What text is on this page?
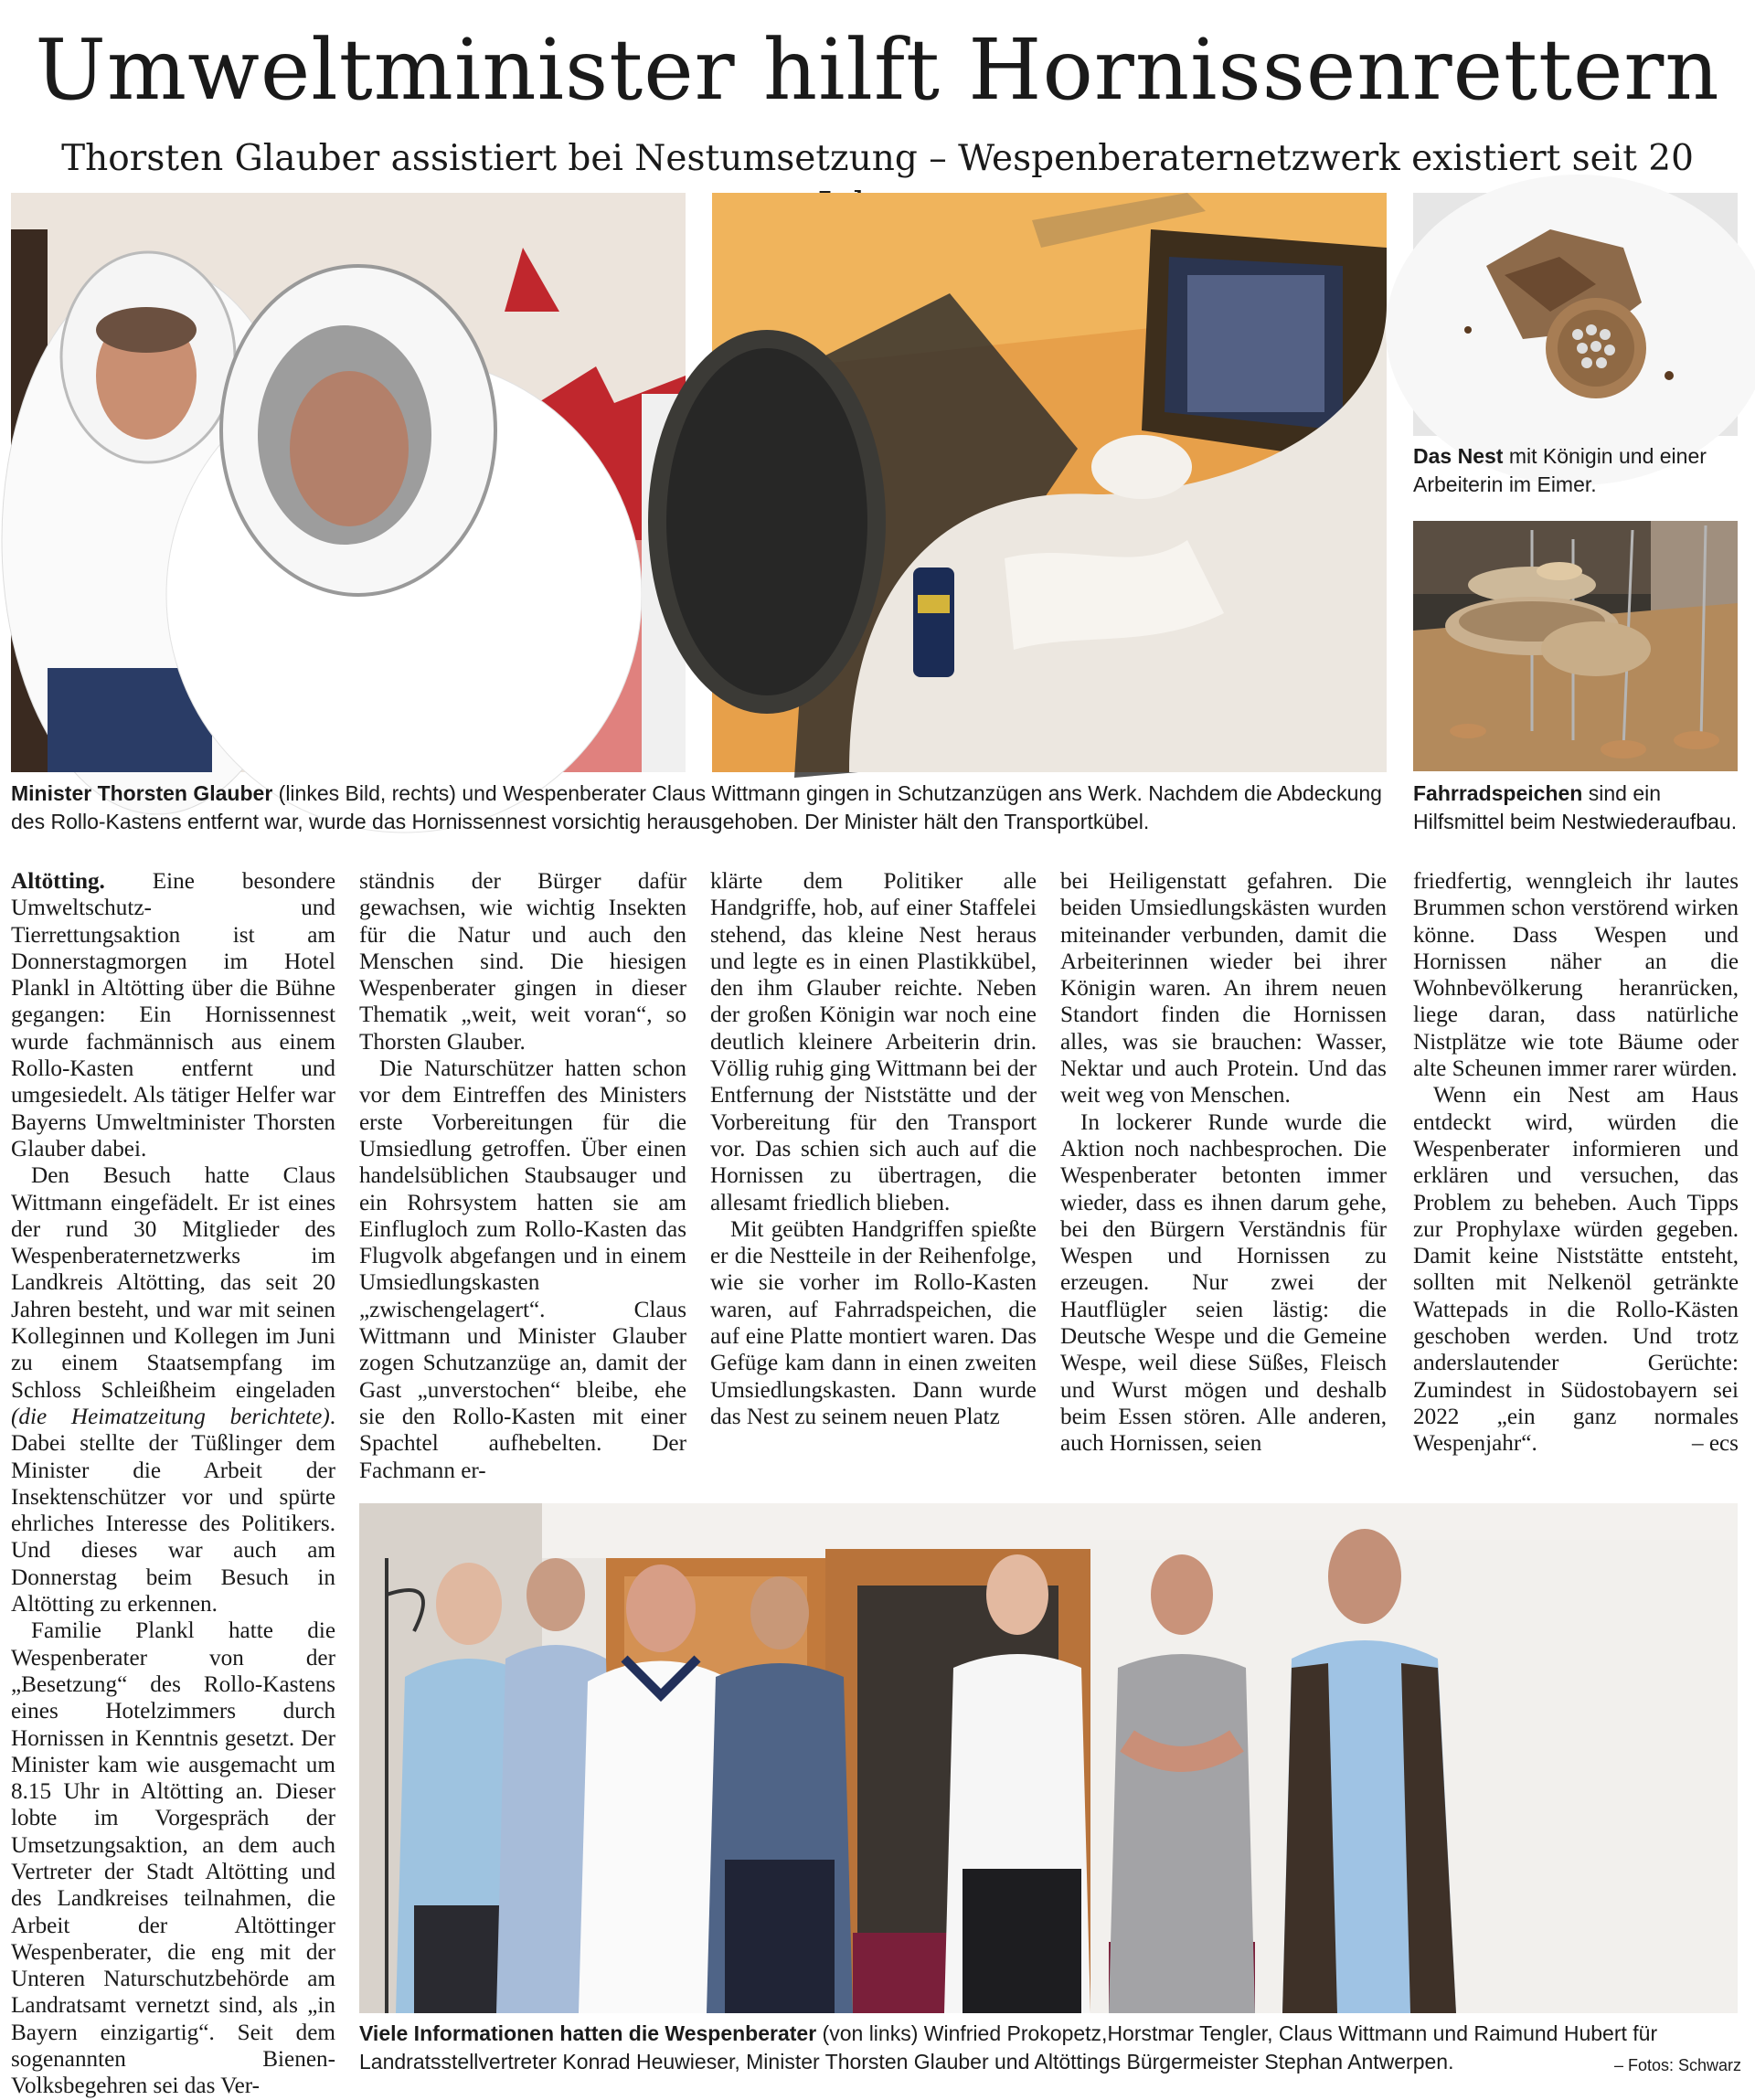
Umweltminister hilft Hornissenrettern
Thorsten Glauber assistiert bei Nestumsetzung – Wespenberaternetzwerk existiert seit 20

Das Nest mit Königin und einer Arbeiterin im Eimer.

Minister Thorsten Glauber (linkes Bild, rechts) und Wespenberater Claus Wittmann gingen in Schutzanzügen ans Werk. Nachdem die Abdeckung des Rollo-Kastens entfernt war, wurde das Hornissennest vorsichtig herausgehoben. Der Minister hält den Transportkübel.

Fahrradspeichen sind ein Hilfsmittel beim Nestwiederaufbau.

Altötting. Eine besondere Umweltschutz- und Tierrettungsaktion ist am Donnerstagmorgen im Hotel Plankl in Altötting über die Bühne gegangen: Ein Hornissennest wurde fachmännisch aus einem Rollo-Kasten entfernt und umgesiedelt. Als tätiger Helfer war Bayerns Umweltminister Thorsten Glauber dabei.

Den Besuch hatte Claus Wittmann eingefädelt. Er ist eines der rund 30 Mitglieder des Wespenberaternetzwerks im Landkreis Altötting, das seit 20 Jahren besteht, und war mit seinen Kolleginnen und Kollegen im Juni zu einem Staatsempfang im Schloss Schleißheim eingeladen (die Heimatzeitung berichtete). Dabei stellte der Tüßlinger dem Minister die Arbeit der Insektenschützer vor und spürte ehrliches Interesse des Politikers. Und dieses war auch am Donnerstag beim Besuch in Altötting zu erkennen.

Familie Plankl hatte die Wespenberater von der „Besetzung“ des Rollo-Kastens eines Hotelzimmers durch Hornissen in Kenntnis gesetzt. Der Minister kam wie ausgemacht um 8.15 Uhr in Altötting an. Dieser lobte im Vorgespräch der Umsetzungsaktion, an dem auch Vertreter der Stadt Altötting und des Landkreises teilnahmen, die Arbeit der Altöttinger Wespenberater, die eng mit der Unteren Naturschutzbehörde am Landratsamt vernetzt sind, als „in Bayern einzigartig“. Seit dem sogenannten Bienen-Volksbegehren sei das Ver-

ständnis der Bürger dafür gewachsen, wie wichtig Insekten für die Natur und auch den Menschen sind. Die hiesigen Wespenberater gingen in dieser Thematik „weit, weit voran“, so Thorsten Glauber.

Die Naturschützer hatten schon vor dem Eintreffen des Ministers erste Vorbereitungen für die Umsiedlung getroffen. Über einen handelsüblichen Staubsauger und ein Rohrsystem hatten sie am Einflugloch zum Rollo-Kasten das Flugvolk abgefangen und in einem Umsiedlungskasten „zwischengelagert“. Claus Wittmann und Minister Glauber zogen Schutzanzüge an, damit der Gast „unverstochen“ bleibe, ehe sie den Rollo-Kasten mit einer Spachtel aufhebelten. Der Fachmann er-

klärte dem Politiker alle Handgriffe, hob, auf einer Staffelei stehend, das kleine Nest heraus und legte es in einen Plastikkübel, den ihm Glauber reichte. Neben der großen Königin war noch eine deutlich kleinere Arbeiterin drin. Völlig ruhig ging Wittmann bei der Entfernung der Niststätte und der Vorbereitung für den Transport vor. Das schien sich auch auf die Hornissen zu übertragen, die allesamt friedlich blieben.

Mit geübten Handgriffen spießte er die Nestteile in der Reihenfolge, wie sie vorher im Rollo-Kasten waren, auf Fahrradspeichen, die auf eine Platte montiert waren. Das Gefüge kam dann in einen zweiten Umsiedlungskasten. Dann wurde das Nest zu seinem neuen Platz

bei Heiligenstatt gefahren. Die beiden Umsiedlungskästen wurden miteinander verbunden, damit die Arbeiterinnen wieder bei ihrer Königin waren. An ihrem neuen Standort finden die Hornissen alles, was sie brauchen: Wasser, Nektar und auch Protein. Und das weit weg von Menschen.

In lockerer Runde wurde die Aktion noch nachbesprochen. Die Wespenberater betonten immer wieder, dass es ihnen darum gehe, bei den Bürgern Verständnis für Wespen und Hornissen zu erzeugen. Nur zwei der Hautflügler seien lästig: die Deutsche Wespe und die Gemeine Wespe, weil diese Süßes, Fleisch und Wurst mögen und deshalb beim Essen stören. Alle anderen, auch Hornissen, seien

friedfertig, wenngleich ihr lautes Brummen schon verstörend wirken könne. Dass Wespen und Hornissen näher an die Wohnbevölkerung heranrücken, liege daran, dass natürliche Nistplätze wie tote Bäume oder alte Scheunen immer rarer würden.

Wenn ein Nest am Haus entdeckt wird, würden die Wespenberater informieren und erklären und versuchen, das Problem zu beheben. Auch Tipps zur Prophylaxe würden gegeben. Damit keine Niststätte entsteht, sollten mit Nelkenöl getränkte Wattepads in die Rollo-Kästen geschoben werden. Und trotz anderslautender Gerüchte: Zumindest in Südostobayern sei 2022 „ein ganz normales Wespenjahr“.	– ecs

Viele Informationen hatten die Wespenberater (von links) Winfried Prokopetz,Horstmar Tengler, Claus Wittmann und Raimund Hubert für Landratsstellvertreter Konrad Heuwieser, Minister Thorsten Glauber und Altöttings Bürgermeister Stephan Antwerpen.	– Fotos: Schwarz
